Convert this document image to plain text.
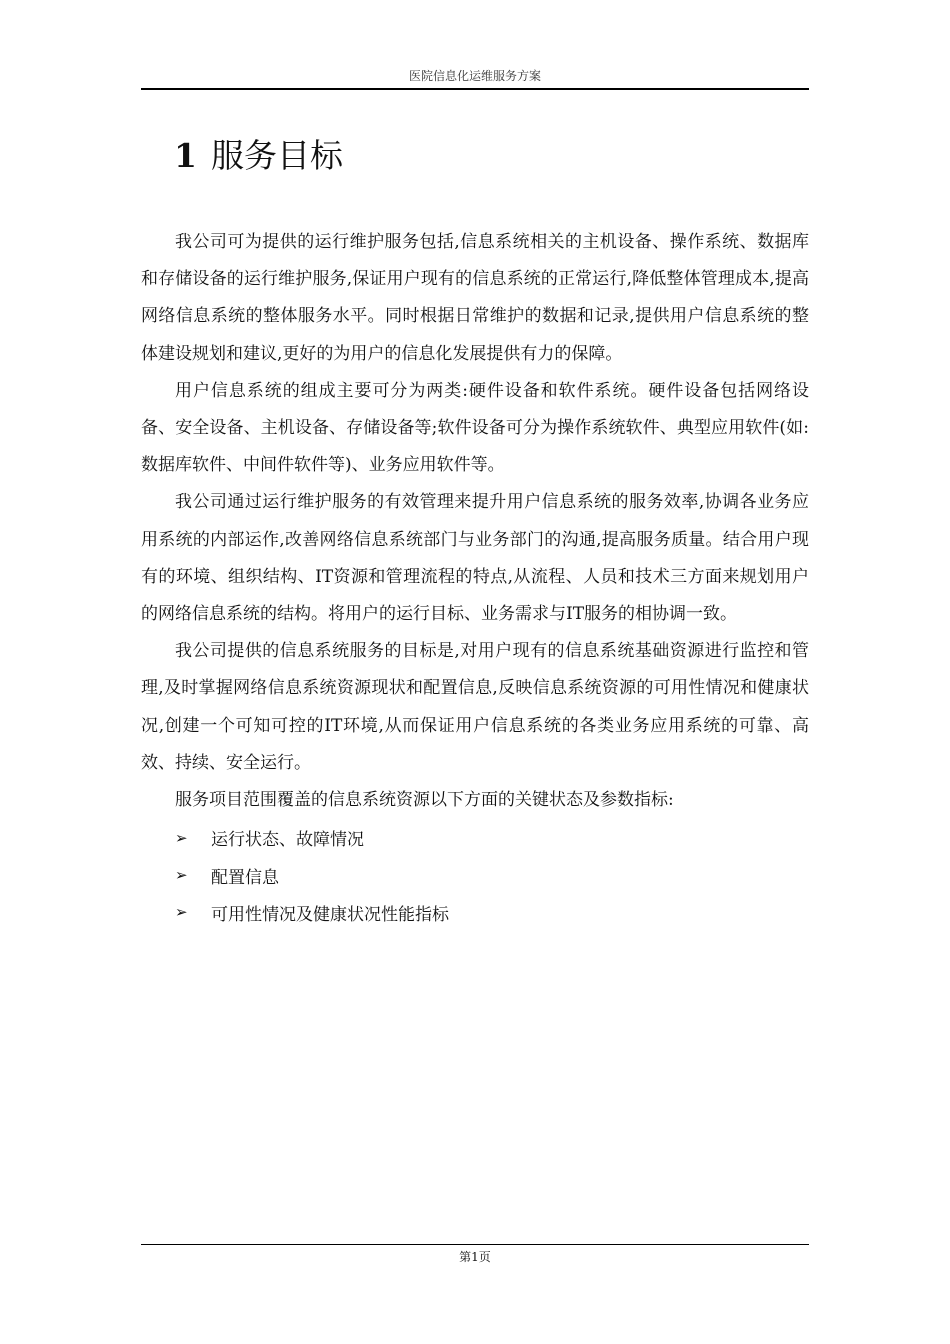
医院信息化运维服务方案
1 服务目标

我公司可为提供的运行维护服务包括,信息系统相关的主机设备、操作系统、数据库和存储设备的运行维护服务,保证用户现有的信息系统的正常运行,降低整体管理成本,提高网络信息系统的整体服务水平。同时根据日常维护的数据和记录,提供用户信息系统的整体建设规划和建议,更好的为用户的信息化发展提供有力的保障。

用户信息系统的组成主要可分为两类:硬件设备和软件系统。硬件设备包括网络设备、安全设备、主机设备、存储设备等;软件设备可分为操作系统软件、典型应用软件(如:数据库软件、中间件软件等)、业务应用软件等。

我公司通过运行维护服务的有效管理来提升用户信息系统的服务效率,协调各业务应用系统的内部运作,改善网络信息系统部门与业务部门的沟通,提高服务质量。结合用户现有的环境、组织结构、IT资源和管理流程的特点,从流程、人员和技术三方面来规划用户的网络信息系统的结构。将用户的运行目标、业务需求与IT服务的相协调一致。

我公司提供的信息系统服务的目标是,对用户现有的信息系统基础资源进行监控和管理,及时掌握网络信息系统资源现状和配置信息,反映信息系统资源的可用性情况和健康状况,创建一个可知可控的IT环境,从而保证用户信息系统的各类业务应用系统的可靠、高效、持续、安全运行。

服务项目范围覆盖的信息系统资源以下方面的关键状态及参数指标:

➢	运行状态、故障情况
➢	配置信息
➢	可用性情况及健康状况性能指标
第1页
